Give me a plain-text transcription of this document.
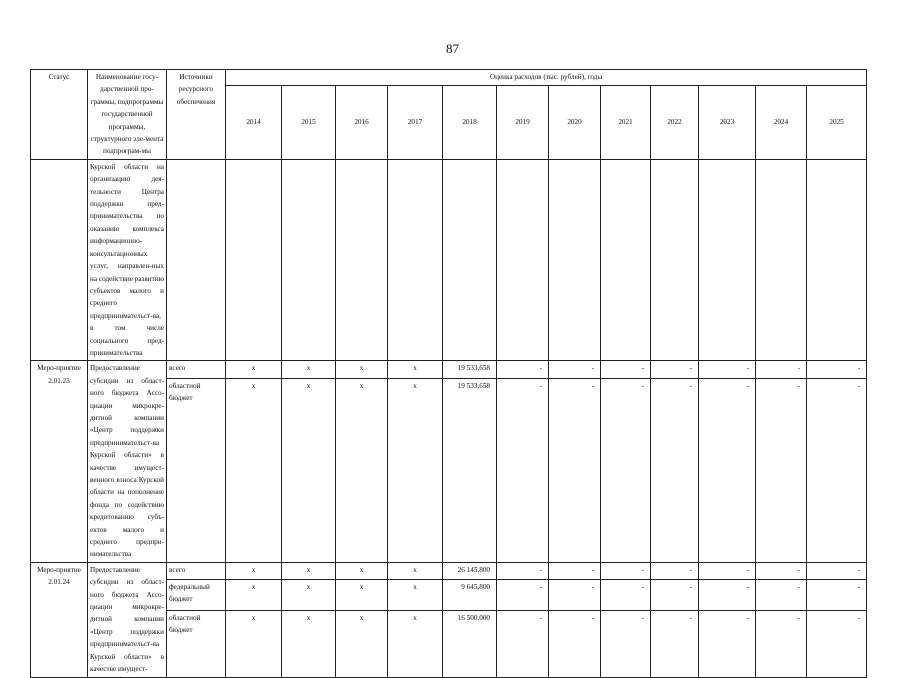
87
Статус	Наименование госу-дарственной про-граммы, подпрограммы государственной программы, структурного эле-мента подпрограм-мы	Источники ресурсного обеспечения	Оценка расходов (тыс. рублей), годы											
			2014	2015	2016	2017	2018	2019	2020	2021	2022	2023	2024	2025
	Курской области на организацию дея-тельности Центра поддержки пред-принимательства по оказанию комплекса информационно-консультационных услуг, направлен-ных на содействие развитию субъектов малого и среднего предпринимательст-ва, в том числе социального пред-принимательства													
Меро-приятие 2.01.23	Предоставление субсидии из област-ного бюджета Ассо-циации микрокре-дитной компании «Центр поддержки предпринимательст-ва Курской области» в качестве имущест-венного взноса Курской области на пополнение фонда по содействию кредитованию субъ-ектов малого и среднего предпри-нимательства	всего	х	х	х	х	19 533,658	-	-	-	-	-	-	-
		областной бюджет	х	х	х	х	19 533,658	-	-	-	-	-	-	-
Меро-приятие 2.01.24	Предоставление субсидии из област-ного бюджета Ассо-циации микрокре-дитной компании «Центр поддержки предпринимательст-ва Курской области» в качестве имущест-	всего	х	х	х	х	26 145,800	-	-	-	-	-	-	-
		федеральный бюджет	х	х	х	х	9 645,800	-	-	-	-	-	-	-
		областной бюджет	х	х	х	х	16 500,000	-	-	-	-	-	-	-
